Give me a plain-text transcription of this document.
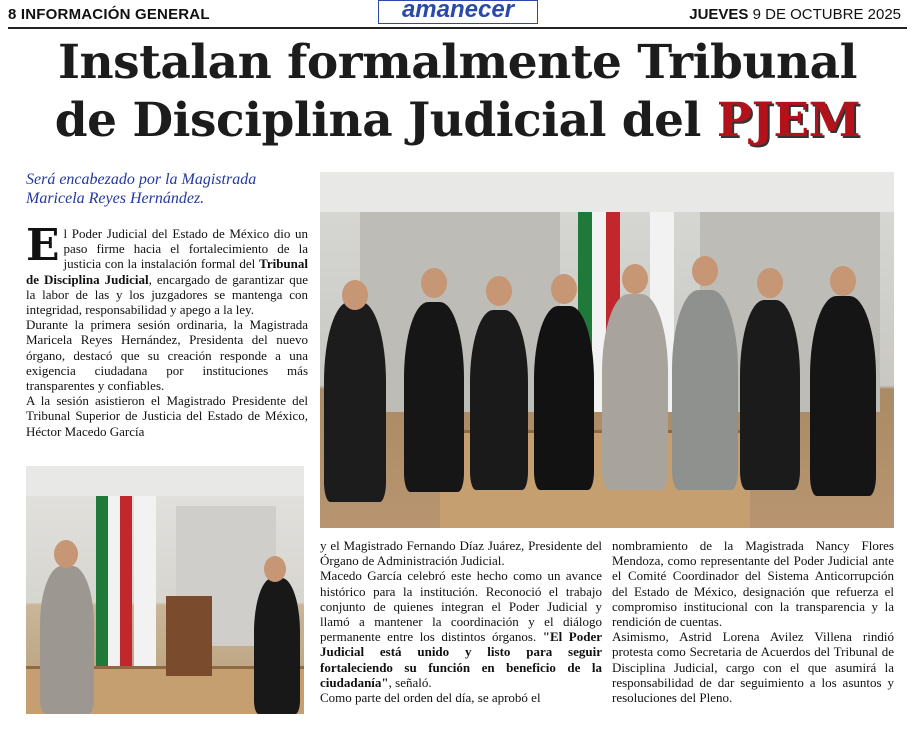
8 INFORMACIÓN GENERAL	amanecer	JUEVES 9 DE OCTUBRE 2025
Instalan formalmente Tribunal
de Disciplina Judicial del PJEM
Será encabezado por la Magistrada Maricela Reyes Hernández.

El Poder Judicial del Estado de México dio un paso firme hacia el fortalecimiento de la justicia con la instalación formal del Tribunal de Disciplina Judicial, encargado de garantizar que la labor de las y los juzgadores se mantenga con integridad, responsabilidad y apego a la ley.

Durante la primera sesión ordinaria, la Magistrada Maricela Reyes Hernández, Presidenta del nuevo órgano, destacó que su creación responde a una exigencia ciudadana por instituciones más transparentes y confiables.

A la sesión asistieron el Magistrado Presidente del Tribunal Superior de Justicia del Estado de México, Héctor Macedo García

y el Magistrado Fernando Díaz Juárez, Presidente del Órgano de Administración Judicial.

Macedo García celebró este hecho como un avance histórico para la institución. Reconoció el trabajo conjunto de quienes integran el Poder Judicial y llamó a mantener la coordinación y el diálogo permanente entre los distintos órganos. "El Poder Judicial está unido y listo para seguir fortaleciendo su función en beneficio de la ciudadanía", señaló.

Como parte del orden del día, se aprobó el

nombramiento de la Magistrada Nancy Flores Mendoza, como representante del Poder Judicial ante el Comité Coordinador del Sistema Anticorrupción del Estado de México, designación que refuerza el compromiso institucional con la transparencia y la rendición de cuentas.

Asimismo, Astrid Lorena Avilez Villena rindió protesta como Secretaria de Acuerdos del Tribunal de Disciplina Judicial, cargo con el que asumirá la responsabilidad de dar seguimiento a los asuntos y resoluciones del Pleno.
